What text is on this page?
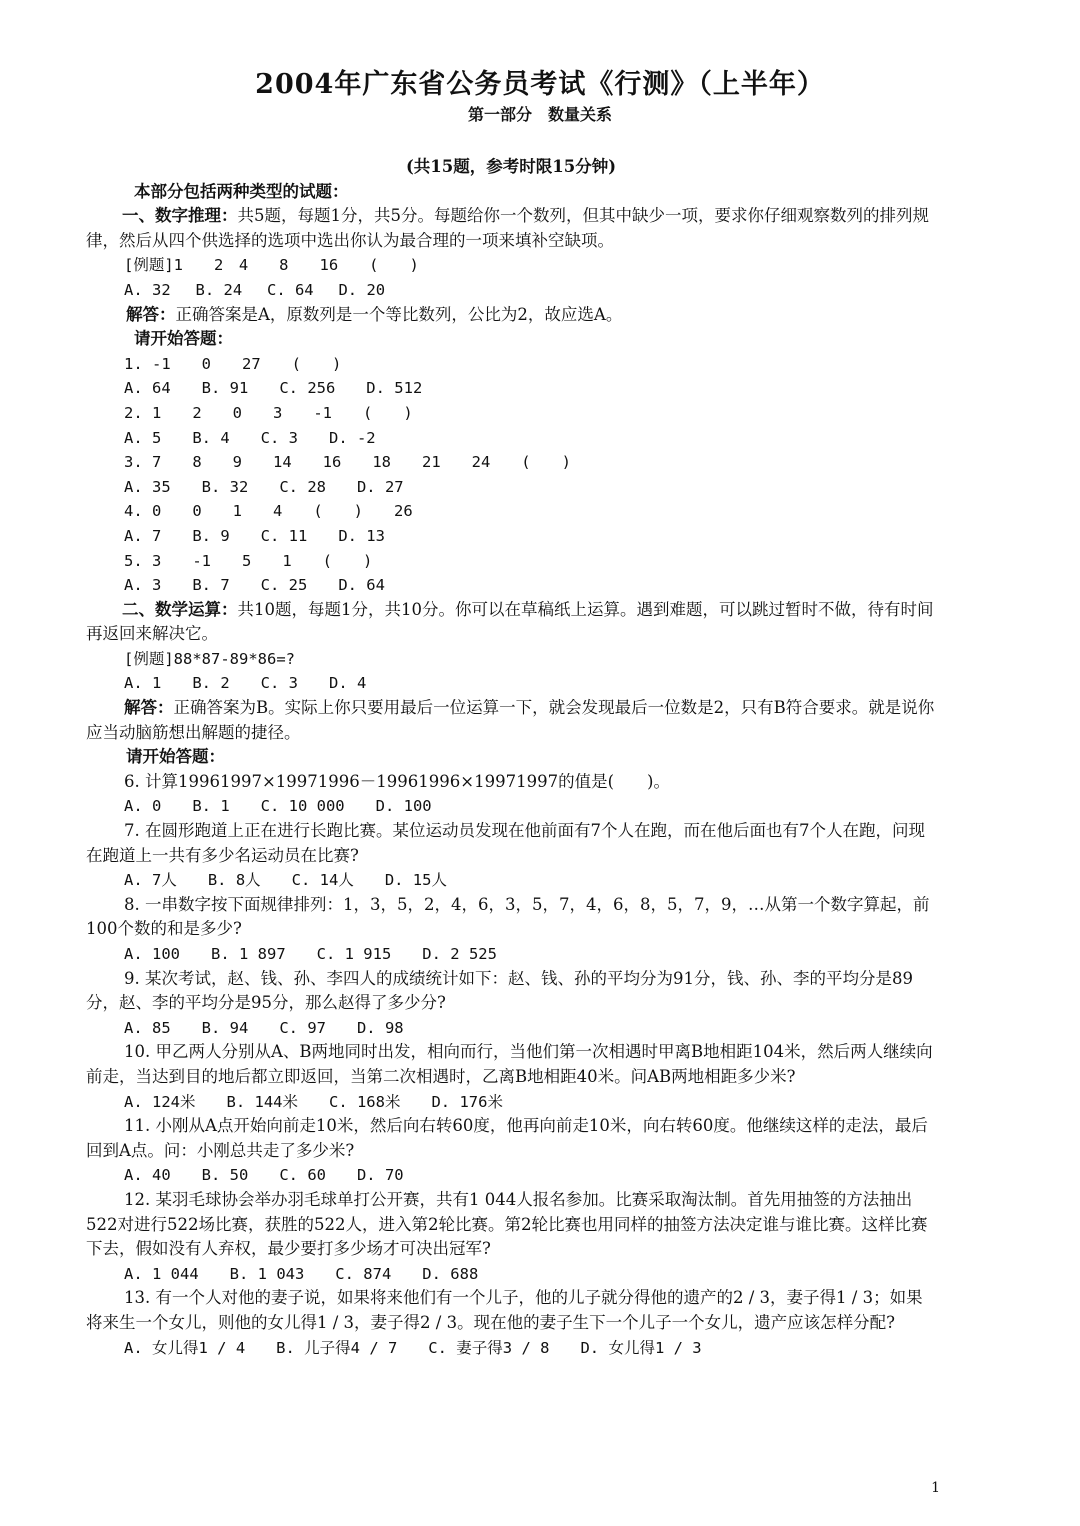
2004年广东省公务员考试《行测》（上半年）
第一部分　数量关系

(共15题，参考时限15分钟)

本部分包括两种类型的试题：

一、数字推理：共5题，每题1分，共5分。每题给你一个数列，但其中缺少一项，要求你仔细观察数列的排列规律，然后从四个供选择的选项中选出你认为最合理的一项来填补空缺项。

[例题]1　　2　4　　8　　16　　(　　)

A. 32　 B. 24　 C. 64　 D. 20

解答：正确答案是A，原数列是一个等比数列，公比为2，故应选A。

请开始答题：

1. -1　　0　　27　　(　　)

A. 64　　B. 91　　C. 256　　D. 512

2. 1　　2　　0　　3　　-1　　(　　)

A. 5　　B. 4　　C. 3　　D. -2

3. 7　　8　　9　　14　　16　　18　　21　　24　　(　　)

A. 35　　B. 32　　C. 28　　D. 27

4. 0　　0　　1　　4　　(　　)　　26

A. 7　　B. 9　　C. 11　　D. 13

5. 3　　-1　　5　　1　　(　　)

A. 3　　B. 7　　C. 25　　D. 64

二、数学运算：共10题，每题1分，共10分。你可以在草稿纸上运算。遇到难题，可以跳过暂时不做，待有时间再返回来解决它。

[例题]88*87-89*86=?

A. 1　　B. 2　　C. 3　　D. 4

解答：正确答案为B。实际上你只要用最后一位运算一下，就会发现最后一位数是2，只有B符合要求。就是说你应当动脑筋想出解题的捷径。

请开始答题：

6. 计算19961997×19971996－19961996×19971997的值是(　　)。

A. 0　　B. 1　　C. 10 000　　D. 100

7. 在圆形跑道上正在进行长跑比赛。某位运动员发现在他前面有7个人在跑，而在他后面也有7个人在跑，问现在跑道上一共有多少名运动员在比赛?

A. 7人　　B. 8人　　C. 14人　　D. 15人

8. 一串数字按下面规律排列：1，3，5，2，4，6，3，5，7，4，6，8，5，7，9，…从第一个数字算起，前100个数的和是多少?

A. 100　　B. 1 897　　C. 1 915　　D. 2 525

9. 某次考试，赵、钱、孙、李四人的成绩统计如下：赵、钱、孙的平均分为91分，钱、孙、李的平均分是89分，赵、李的平均分是95分，那么赵得了多少分?

A. 85　　B. 94　　C. 97　　D. 98

10. 甲乙两人分别从A、B两地同时出发，相向而行，当他们第一次相遇时甲离B地相距104米，然后两人继续向前走，当达到目的地后都立即返回，当第二次相遇时，乙离B地相距40米。问AB两地相距多少米?

A. 124米　　B. 144米　　C. 168米　　D. 176米

11. 小刚从A点开始向前走10米，然后向右转60度，他再向前走10米，向右转60度。他继续这样的走法，最后回到A点。问：小刚总共走了多少米?

A. 40　　B. 50　　C. 60　　D. 70

12. 某羽毛球协会举办羽毛球单打公开赛，共有1 044人报名参加。比赛采取淘汰制。首先用抽签的方法抽出522对进行522场比赛，获胜的522人，进入第2轮比赛。第2轮比赛也用同样的抽签方法决定谁与谁比赛。这样比赛下去，假如没有人弃权，最少要打多少场才可决出冠军?

A. 1 044　　B. 1 043　　C. 874　　D. 688

13. 有一个人对他的妻子说，如果将来他们有一个儿子，他的儿子就分得他的遗产的2 / 3，妻子得1 / 3；如果将来生一个女儿，则他的女儿得1 / 3，妻子得2 / 3。现在他的妻子生下一个儿子一个女儿，遗产应该怎样分配?

A. 女儿得1 / 4　　B. 儿子得4 / 7　　C. 妻子得3 / 8　　D. 女儿得1 / 3

1
